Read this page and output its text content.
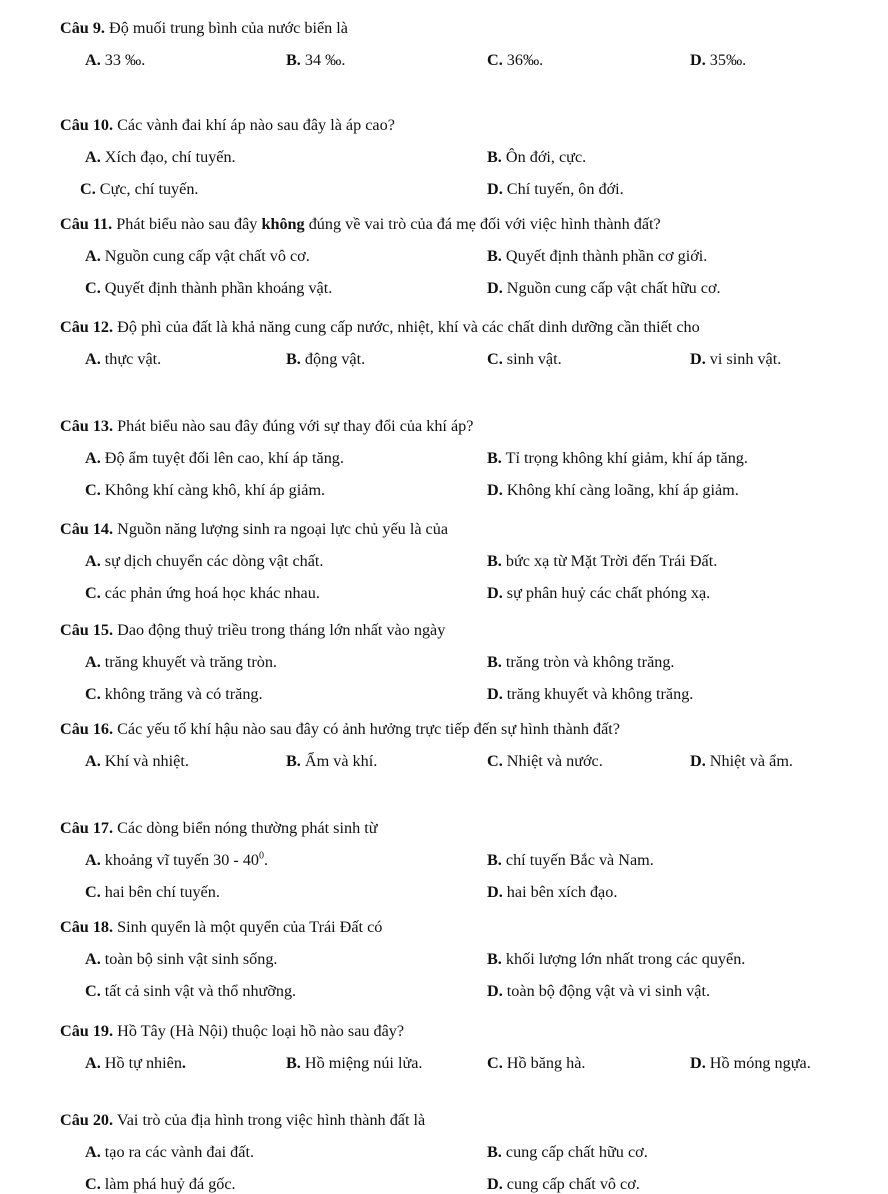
Câu 9. Độ muối trung bình của nước biển là
A. 33 ‰.	B. 34 ‰.	C. 36‰.	D. 35‰.
Câu 10. Các vành đai khí áp nào sau đây là áp cao?
A. Xích đạo, chí tuyến.	B. Ôn đới, cực.
C. Cực, chí tuyến.	D. Chí tuyến, ôn đới.
Câu 11. Phát biểu nào sau đây không đúng về vai trò của đá mẹ đối với việc hình thành đất?
A. Nguồn cung cấp vật chất vô cơ.	B. Quyết định thành phần cơ giới.
C. Quyết định thành phần khoáng vật.	D. Nguồn cung cấp vật chất hữu cơ.
Câu 12. Độ phì của đất là khả năng cung cấp nước, nhiệt, khí và các chất dinh dưỡng cần thiết cho
A. thực vật.	B. động vật.	C. sinh vật.	D. vi sinh vật.
Câu 13. Phát biểu nào sau đây đúng với sự thay đổi của khí áp?
A. Độ ẩm tuyệt đối lên cao, khí áp tăng.	B. Tỉ trọng không khí giảm, khí áp tăng.
C. Không khí càng khô, khí áp giảm.	D. Không khí càng loãng, khí áp giảm.
Câu 14. Nguồn năng lượng sinh ra ngoại lực chủ yếu là của
A. sự dịch chuyển các dòng vật chất.	B. bức xạ từ Mặt Trời đến Trái Đất.
C. các phản ứng hoá học khác nhau.	D. sự phân huỷ các chất phóng xạ.
Câu 15. Dao động thuỷ triều trong tháng lớn nhất vào ngày
A. trăng khuyết và trăng tròn.	B. trăng tròn và không trăng.
C. không trăng và có trăng.	D. trăng khuyết và không trăng.
Câu 16. Các yếu tố khí hậu nào sau đây có ảnh hưởng trực tiếp đến sự hình thành đất?
A. Khí và nhiệt.	B. Ẩm và khí.	C. Nhiệt và nước.	D. Nhiệt và ẩm.
Câu 17. Các dòng biển nóng thường phát sinh từ
A. khoảng vĩ tuyến $30 - 40^0$.	B. chí tuyến Bắc và Nam.
C. hai bên chí tuyến.	D. hai bên xích đạo.
Câu 18. Sinh quyển là một quyển của Trái Đất có
A. toàn bộ sinh vật sinh sống.	B. khối lượng lớn nhất trong các quyển.
C. tất cả sinh vật và thổ nhưỡng.	D. toàn bộ động vật và vi sinh vật.
Câu 19. Hồ Tây (Hà Nội) thuộc loại hồ nào sau đây?
A. Hồ tự nhiên.	B. Hồ miệng núi lửa.	C. Hồ băng hà.	D. Hồ móng ngựa.
Câu 20. Vai trò của địa hình trong việc hình thành đất là
A. tạo ra các vành đai đất.	B. cung cấp chất hữu cơ.
C. làm phá huỷ đá gốc.	D. cung cấp chất vô cơ.
